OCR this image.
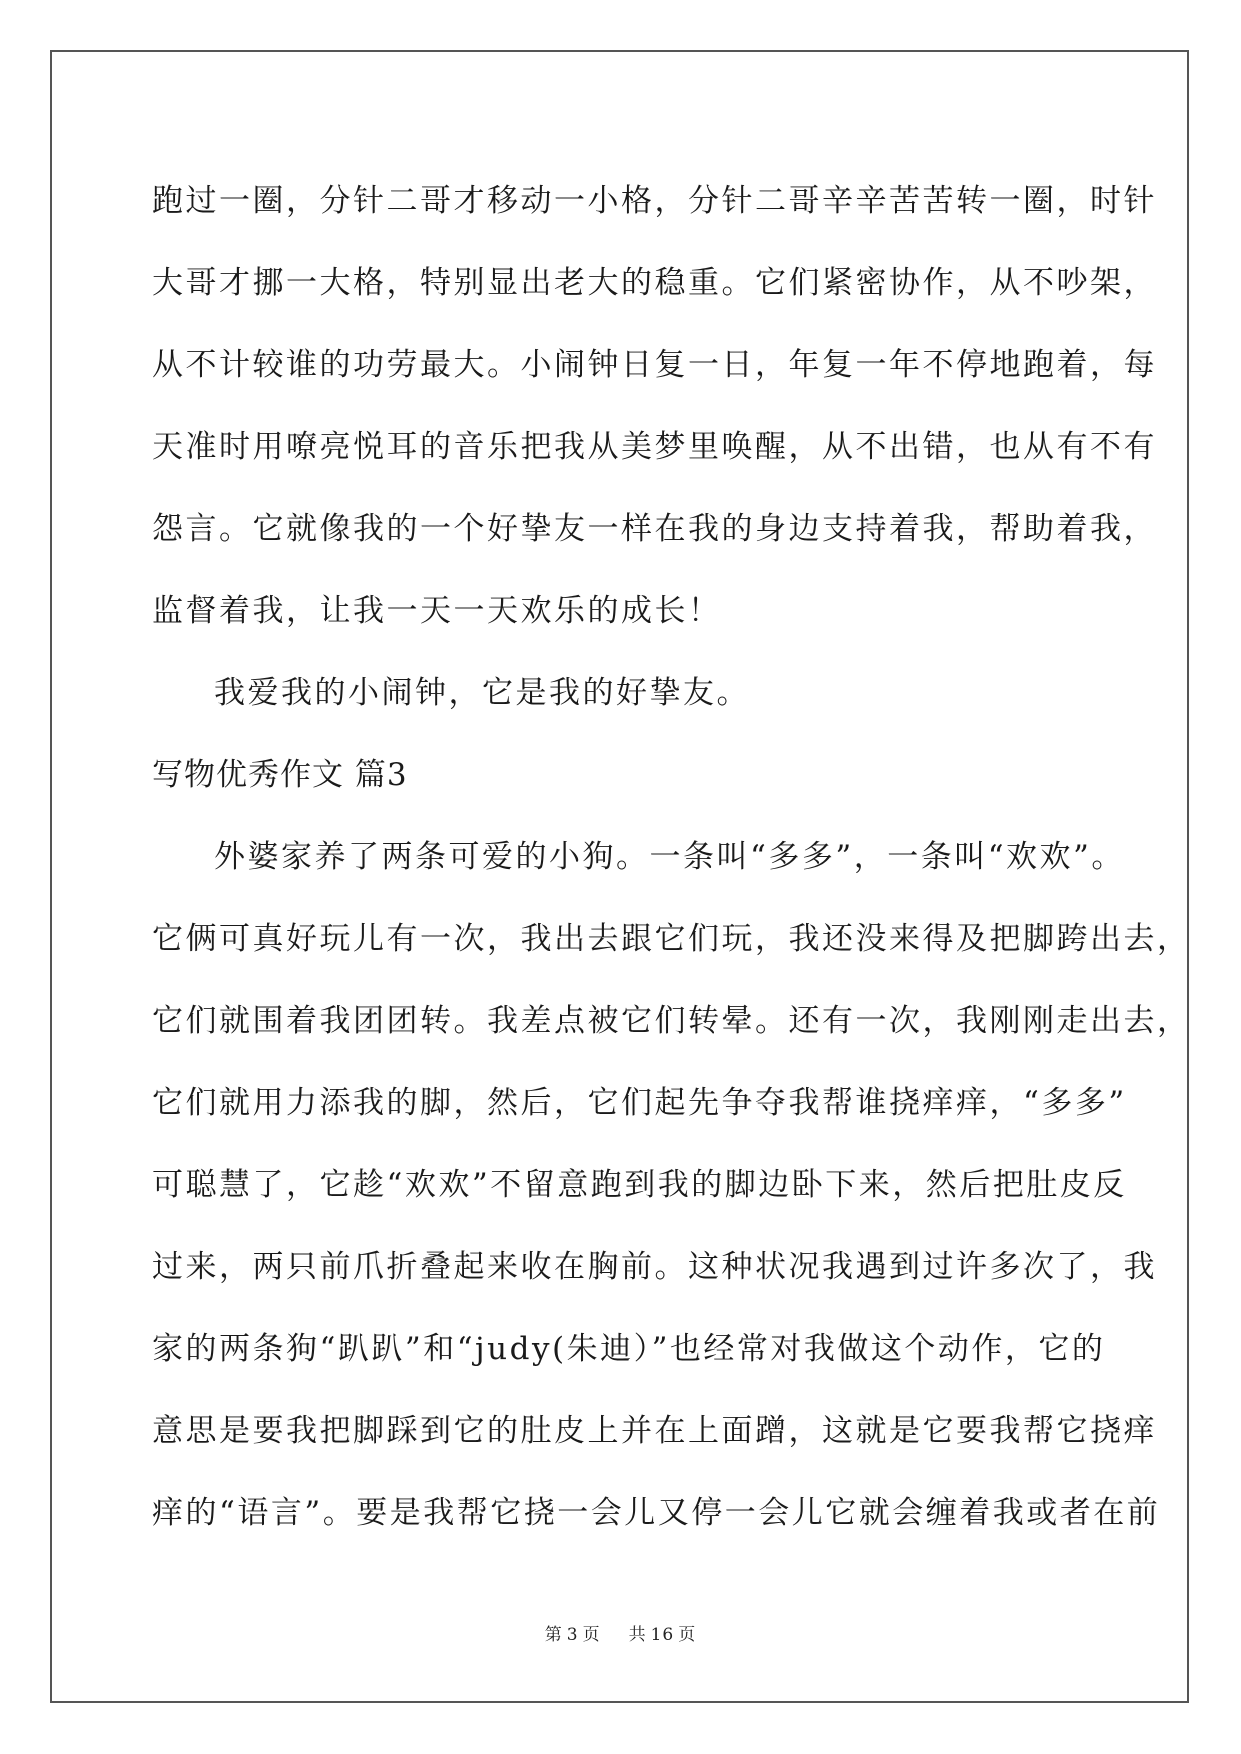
跑过一圈，分针二哥才移动一小格，分针二哥辛辛苦苦转一圈，时针
大哥才挪一大格，特别显出老大的稳重。它们紧密协作，从不吵架，
从不计较谁的功劳最大。小闹钟日复一日，年复一年不停地跑着，每
天准时用嘹亮悦耳的音乐把我从美梦里唤醒，从不出错，也从有不有
怨言。它就像我的一个好挚友一样在我的身边支持着我，帮助着我，
监督着我，让我一天一天欢乐的成长！
我爱我的小闹钟，它是我的好挚友。
写物优秀作文 篇3
外婆家养了两条可爱的小狗。一条叫“多多”，一条叫“欢欢”。
它俩可真好玩儿有一次，我出去跟它们玩，我还没来得及把脚跨出去，
它们就围着我团团转。我差点被它们转晕。还有一次，我刚刚走出去，
它们就用力添我的脚，然后，它们起先争夺我帮谁挠痒痒，“多多”
可聪慧了，它趁“欢欢”不留意跑到我的脚边卧下来，然后把肚皮反
过来，两只前爪折叠起来收在胸前。这种状况我遇到过许多次了，我
家的两条狗“趴趴”和“judy(朱迪）”也经常对我做这个动作，它的
意思是要我把脚踩到它的肚皮上并在上面蹭，这就是它要我帮它挠痒
痒的“语言”。要是我帮它挠一会儿又停一会儿它就会缠着我或者在前
第 3 页 共 16 页
